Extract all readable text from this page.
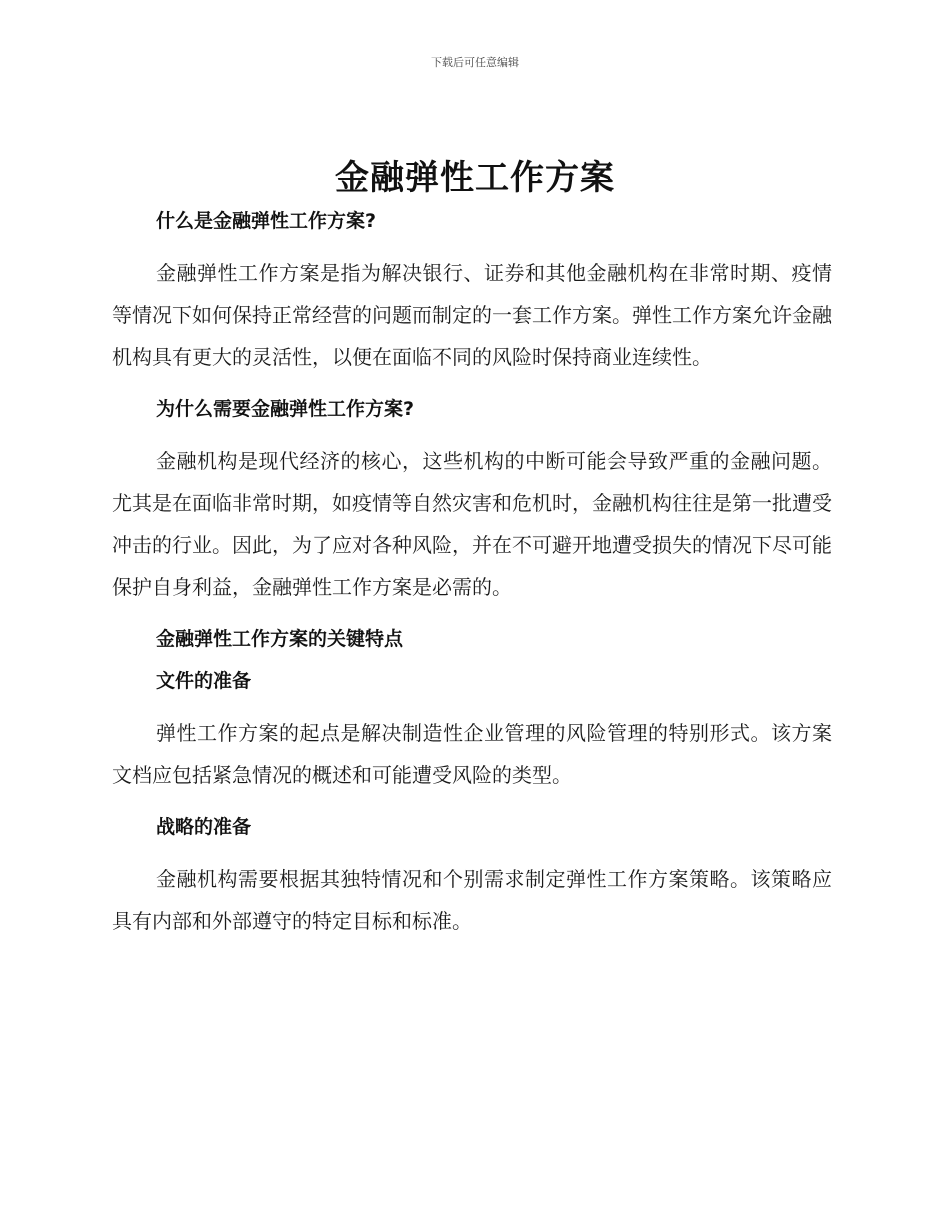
下载后可任意编辑
金融弹性工作方案
什么是金融弹性工作方案?

金融弹性工作方案是指为解决银行、证券和其他金融机构在非常时期、疫情等情况下如何保持正常经营的问题而制定的一套工作方案。弹性工作方案允许金融机构具有更大的灵活性，以便在面临不同的风险时保持商业连续性。

为什么需要金融弹性工作方案?

金融机构是现代经济的核心，这些机构的中断可能会导致严重的金融问题。尤其是在面临非常时期，如疫情等自然灾害和危机时，金融机构往往是第一批遭受冲击的行业。因此，为了应对各种风险，并在不可避开地遭受损失的情况下尽可能保护自身利益，金融弹性工作方案是必需的。

金融弹性工作方案的关键特点
文件的准备

弹性工作方案的起点是解决制造性企业管理的风险管理的特别形式。该方案文档应包括紧急情况的概述和可能遭受风险的类型。

战略的准备

金融机构需要根据其独特情况和个别需求制定弹性工作方案策略。该策略应具有内部和外部遵守的特定目标和标准。
